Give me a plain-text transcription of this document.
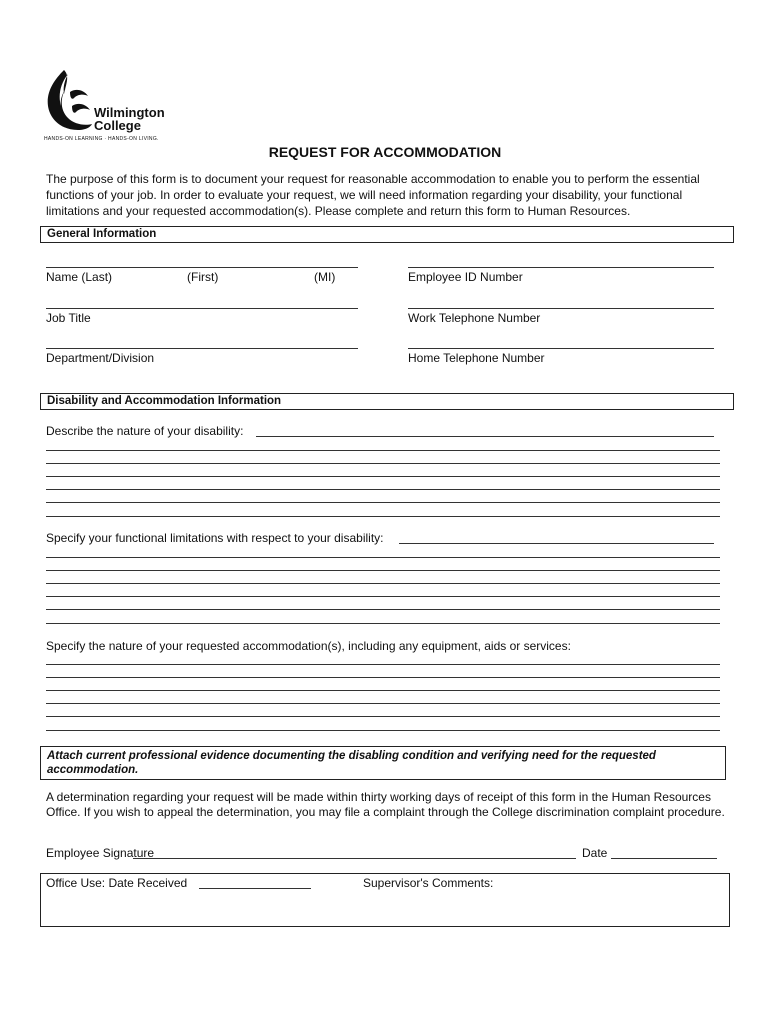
Wilmington
College
HANDS-ON LEARNING · HANDS-ON LIVING.
REQUEST FOR ACCOMMODATION
The purpose of this form is to document your request for reasonable accommodation to enable you to perform the essential functions of your job. In order to evaluate your request, we will need information regarding your disability, your functional limitations and your requested accommodation(s). Please complete and return this form to Human Resources.
General Information
Name (Last)	(First)	(MI)	Employee ID Number
Job Title	Work Telephone Number
Department/Division	Home Telephone Number
Disability and Accommodation Information
Describe the nature of your disability:
Specify your functional limitations with respect to your disability:
Specify the nature of your requested accommodation(s), including any equipment, aids or services:
Attach current professional evidence documenting the disabling condition and verifying need for the requested accommodation.
A determination regarding your request will be made within thirty working days of receipt of this form in the Human Resources Office. If you wish to appeal the determination, you may file a complaint through the College discrimination complaint procedure.
Employee Signature	Date
Office Use: Date Received	Supervisor's Comments:
